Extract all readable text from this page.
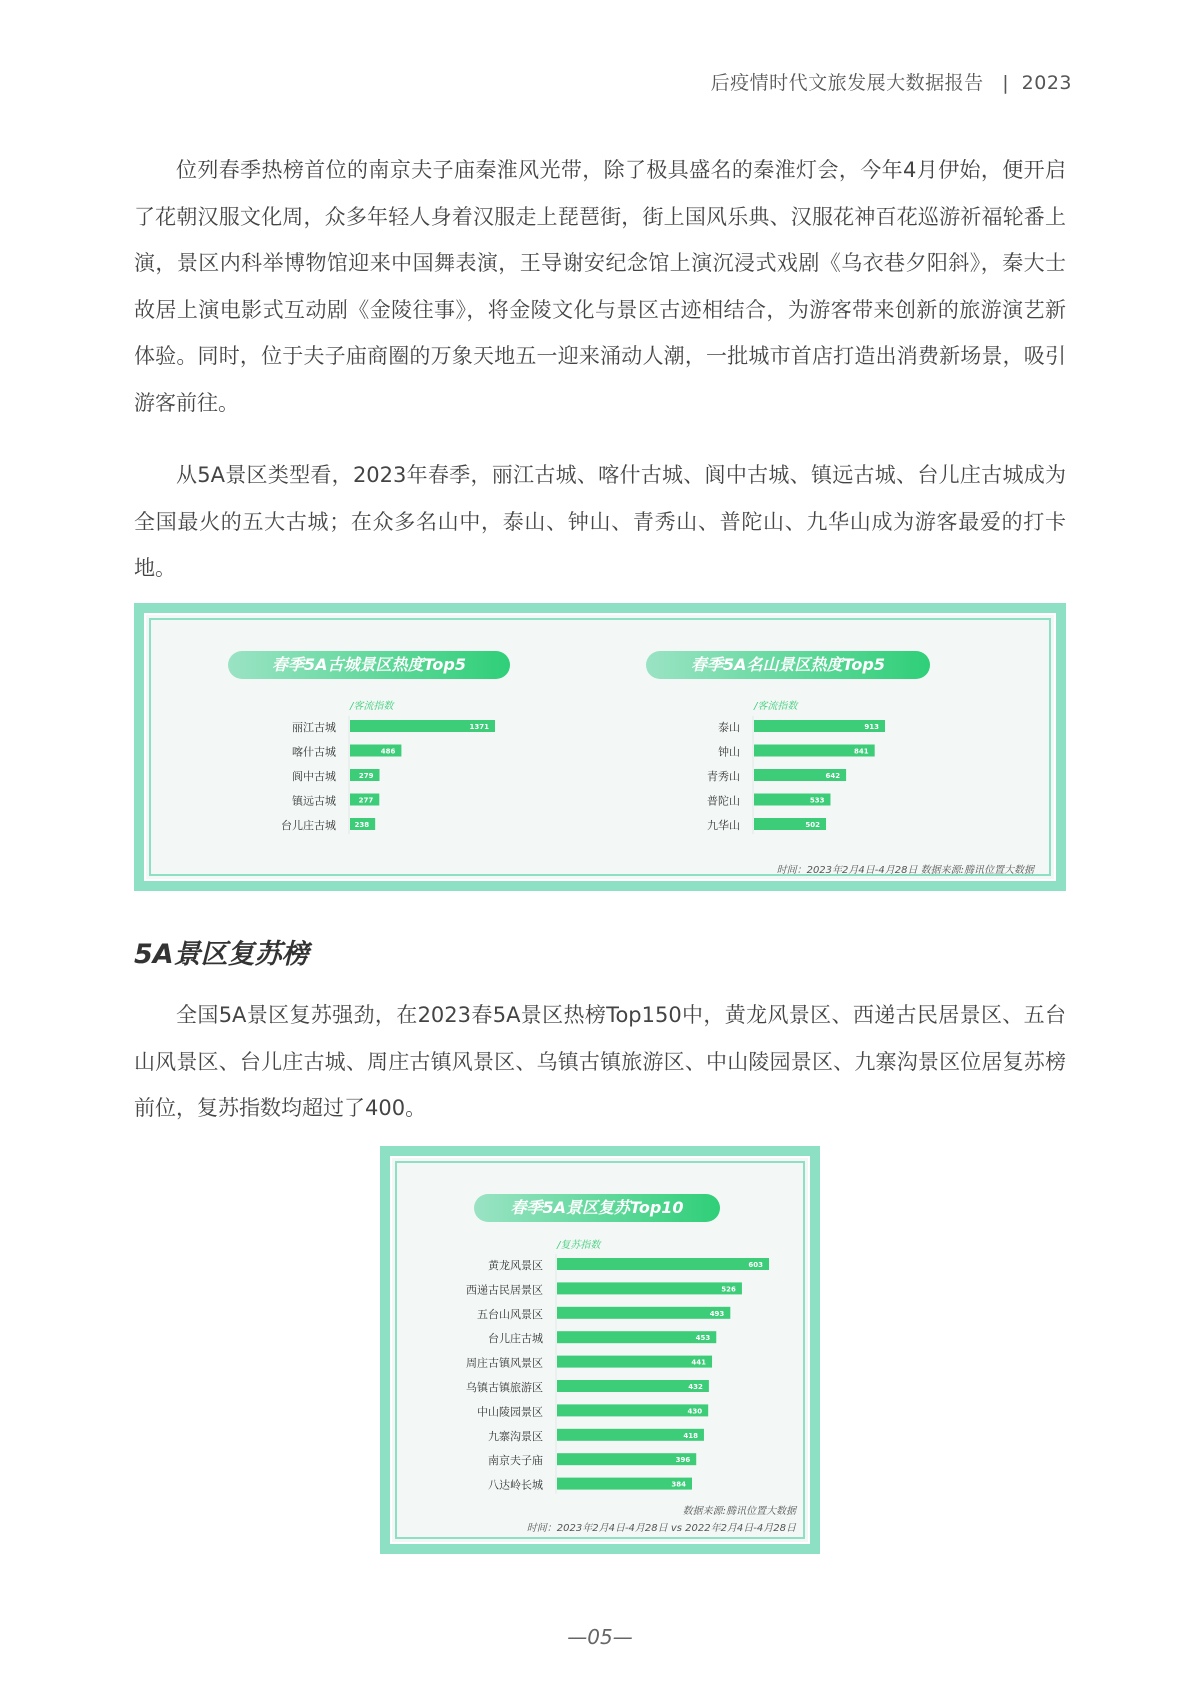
后疫情时代文旅发展大数据报告 | 2023

位列春季热榜首位的南京夫子庙秦淮风光带，除了极具盛名的秦淮灯会，今年4月伊始，便开启了花朝汉服文化周，众多年轻人身着汉服走上琵琶街，街上国风乐典、汉服花神百花巡游祈福轮番上演，景区内科举博物馆迎来中国舞表演，王导谢安纪念馆上演沉浸式戏剧《乌衣巷夕阳斜》，秦大士故居上演电影式互动剧《金陵往事》，将金陵文化与景区古迹相结合，为游客带来创新的旅游演艺新体验。同时，位于夫子庙商圈的万象天地五一迎来涌动人潮，一批城市首店打造出消费新场景，吸引游客前往。

从5A景区类型看，2023年春季，丽江古城、喀什古城、阆中古城、镇远古城、台儿庄古城成为全国最火的五大古城；在众多名山中，泰山、钟山、青秀山、普陀山、九华山成为游客最爱的打卡地。

春季5A古城景区热度Top5
/客流指数
丽江古城	1371
喀什古城	486
阆中古城	279
镇远古城	277
台儿庄古城	238
春季5A名山景区热度Top5
/客流指数
泰山	913
钟山	841
青秀山	642
普陀山	533
九华山	502
时间：2023年2月4日-4月28日 数据来源:腾讯位置大数据
5A景区复苏榜

全国5A景区复苏强劲，在2023春5A景区热榜Top150中，黄龙风景区、西递古民居景区、五台山风景区、台儿庄古城、周庄古镇风景区、乌镇古镇旅游区、中山陵园景区、九寨沟景区位居复苏榜前位，复苏指数均超过了400。

春季5A景区复苏Top10
/复苏指数
黄龙风景区	603
西递古民居景区	526
五台山风景区	493
台儿庄古城	453
周庄古镇风景区	441
乌镇古镇旅游区	432
中山陵园景区	430
九寨沟景区	418
南京夫子庙	396
八达岭长城	384
数据来源:腾讯位置大数据
时间：2023年2月4日-4月28日 vs 2022年2月4日-4月28日
—05—
